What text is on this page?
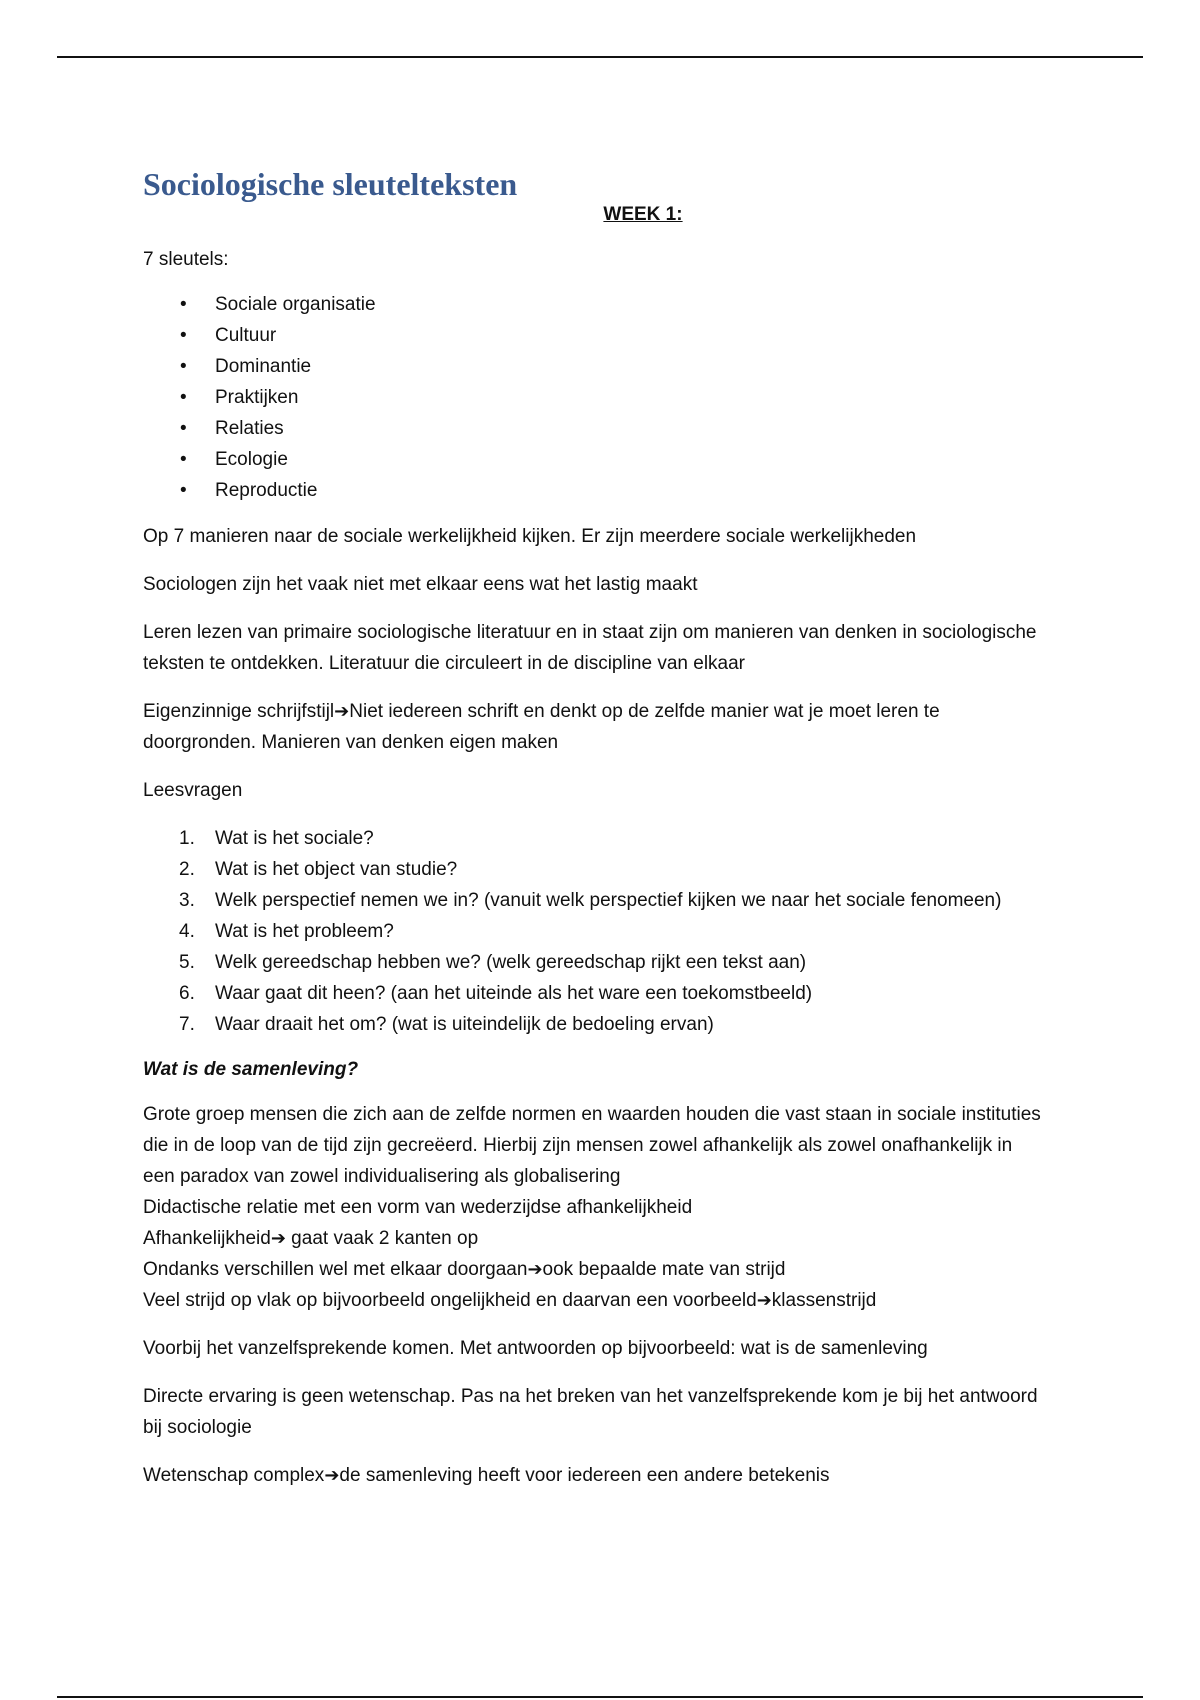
Sociologische sleutelteksten
WEEK 1:

7 sleutels:

• Sociale organisatie
• Cultuur
• Dominantie
• Praktijken
• Relaties
• Ecologie
• Reproductie

Op 7 manieren naar de sociale werkelijkheid kijken. Er zijn meerdere sociale werkelijkheden

Sociologen zijn het vaak niet met elkaar eens wat het lastig maakt

Leren lezen van primaire sociologische literatuur en in staat zijn om manieren van denken in sociologische teksten te ontdekken. Literatuur die circuleert in de discipline van elkaar

Eigenzinnige schrijfstijl➔Niet iedereen schrift en denkt op de zelfde manier wat je moet leren te doorgronden. Manieren van denken eigen maken

Leesvragen

1. Wat is het sociale?
2. Wat is het object van studie?
3. Welk perspectief nemen we in? (vanuit welk perspectief kijken we naar het sociale fenomeen)
4. Wat is het probleem?
5. Welk gereedschap hebben we? (welk gereedschap rijkt een tekst aan)
6. Waar gaat dit heen? (aan het uiteinde als het ware een toekomstbeeld)
7. Waar draait het om? (wat is uiteindelijk de bedoeling ervan)

Wat is de samenleving?

Grote groep mensen die zich aan de zelfde normen en waarden houden die vast staan in sociale instituties die in de loop van de tijd zijn gecreëerd. Hierbij zijn mensen zowel afhankelijk als zowel onafhankelijk in een paradox van zowel individualisering als globalisering

Didactische relatie met een vorm van wederzijdse afhankelijkheid

Afhankelijkheid➔ gaat vaak 2 kanten op

Ondanks verschillen wel met elkaar doorgaan➔ook bepaalde mate van strijd

Veel strijd op vlak op bijvoorbeeld ongelijkheid en daarvan een voorbeeld➔klassenstrijd

Voorbij het vanzelfsprekende komen. Met antwoorden op bijvoorbeeld: wat is de samenleving

Directe ervaring is geen wetenschap. Pas na het breken van het vanzelfsprekende kom je bij het antwoord bij sociologie

Wetenschap complex➔de samenleving heeft voor iedereen een andere betekenis
